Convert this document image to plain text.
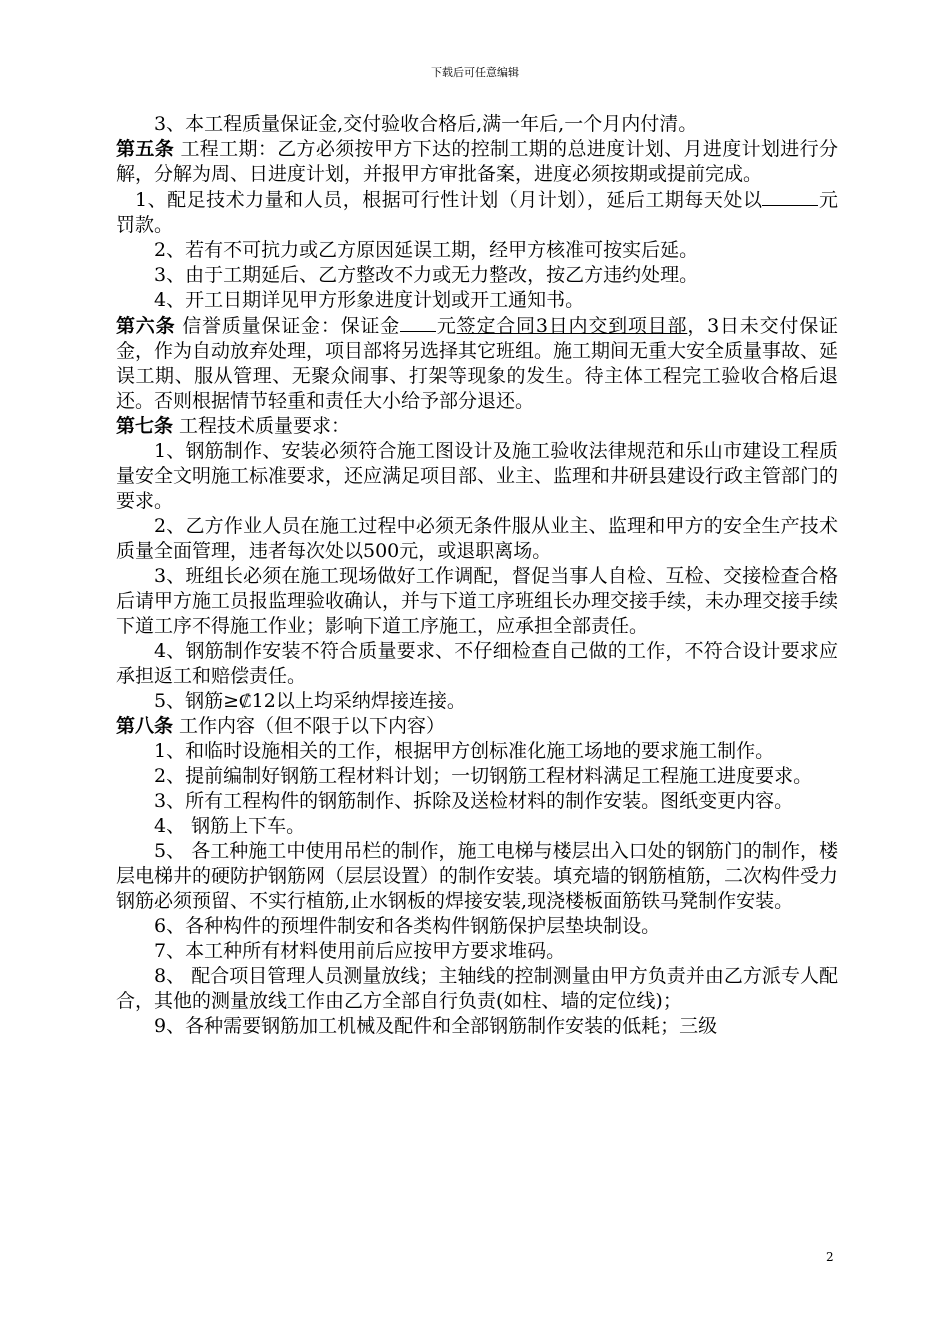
下载后可任意编辑

3、本工程质量保证金,交付验收合格后,满一年后,一个月内付清。

第五条 工程工期：乙方必须按甲方下达的控制工期的总进度计划、月进度计划进行分解，分解为周、日进度计划，并报甲方审批备案，进度必须按期或提前完成。

1、配足技术力量和人员，根据可行性计划（月计划），延后工期每天处以	元罚款。

2、若有不可抗力或乙方原因延误工期，经甲方核准可按实后延。

3、由于工期延后、乙方整改不力或无力整改，按乙方违约处理。

4、开工日期详见甲方形象进度计划或开工通知书。

第六条 信誉质量保证金：保证金 元签定合同3日内交到项目部，3日未交付保证金，作为自动放弃处理，项目部将另选择其它班组。施工期间无重大安全质量事故、延误工期、服从管理、无聚众闹事、打架等现象的发生。待主体工程完工验收合格后退还。否则根据情节轻重和责任大小给予部分退还。

第七条 工程技术质量要求：

1、钢筋制作、安装必须符合施工图设计及施工验收法律规范和乐山市建设工程质量安全文明施工标准要求，还应满足项目部、业主、监理和井研县建设行政主管部门的要求。

2、乙方作业人员在施工过程中必须无条件服从业主、监理和甲方的安全生产技术质量全面管理，违者每次处以500元，或退职离场。

3、班组长必须在施工现场做好工作调配，督促当事人自检、互检、交接检查合格后请甲方施工员报监理验收确认，并与下道工序班组长办理交接手续，未办理交接手续下道工序不得施工作业；影响下道工序施工，应承担全部责任。

4、钢筋制作安装不符合质量要求、不仔细检查自己做的工作，不符合设计要求应承担返工和赔偿责任。

5、钢筋≥₡12以上均采纳焊接连接。

第八条 工作内容（但不限于以下内容）

1、和临时设施相关的工作，根据甲方创标准化施工场地的要求施工制作。

2、提前编制好钢筋工程材料计划；一切钢筋工程材料满足工程施工进度要求。

3、所有工程构件的钢筋制作、拆除及送检材料的制作安装。图纸变更内容。

4、 钢筋上下车。

5、 各工种施工中使用吊栏的制作，施工电梯与楼层出入口处的钢筋门的制作，楼层电梯井的硬防护钢筋网（层层设置）的制作安装。填充墙的钢筋植筋，二次构件受力钢筋必须预留、不实行植筋,止水钢板的焊接安装,现浇楼板面筋铁马凳制作安装。

6、各种构件的预埋件制安和各类构件钢筋保护层垫块制设。

7、本工种所有材料使用前后应按甲方要求堆码。

8、 配合项目管理人员测量放线；主轴线的控制测量由甲方负责并由乙方派专人配合，其他的测量放线工作由乙方全部自行负责(如柱、墙的定位线)；

9、各种需要钢筋加工机械及配件和全部钢筋制作安装的低耗；三级

2
